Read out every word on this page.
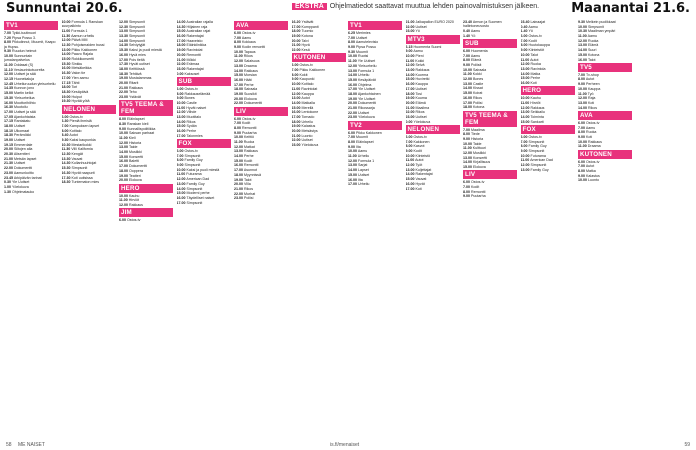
Sunnuntai 20.6.	EKSTRA Ohjelmatiedot saattavat muuttua lehden painovalmistuksen jälkeen. Maanantai 21.6.
TV1
7.00 Tykki-tuutinuori
7.20 Pipsa Possu 3.
8.00 Pikkulinnut, Muumit, Kaapo ja Hupsu.
9.30 Ruudun heimot
10.00 Sunnuntain jumalanpalvelus
11.00 Oddasat (S)
11.10 Vesiaurinkotuoreita
12.00 Uutiset ja sää
12.15 Huonekaluja
12.45 Urheiluruudun yleisurheilu
14.35 Kunnon jono
15.00 Martin kellot
15.30 Yleisurheilua
16.00 Moottorihiihto
16.30 Muotoilu
17.00 Uutiset ja sää
17.05 Ajankohtaista
17.15 Rantakatu
18.00 Uutiset
18.10 Ulkomaat
18.30 Perämökki
19.00 Uutiset
19.15 Emmerdale
20.00 Siltojen alla
20.30 Alisentteri
21.00 Metsän lapset
21.30 Uutiset
22.00 Dokumentti
23.00 Aamunkoitto
23.45 Arkipäivän tarinat
0.30 Yle Uutiset
1.00 Yöelokuva
1.30 Ohjelmatauko
10.00 Formula 1 Ranskan suurpalkinto
11.00 Formula 1
11.30 Aamun urheilu
12.00 Päivä MM
12.30 Pohjoismaiden bussi
13.00 Pikku Kakkonen
14.00 Paavo Rajala
15.00 Rokkikonsertti
15.30 Sinkku
16.00 Metsäkeikka
16.30 Valon tie
17.00 Ylen aamu
17.15 Tähti
18.00 Tori
18.30 Kesäpäivä
19.00 Huiput
19.30 Hyvää yötä
NELONEN
6.00 Ostos-tv
6.30 Pieniä ihmisiä
7.00 Kampuksen lapset
8.00 Kotitalo
8.40 Autot
9.30 Kaksi kaupunkia
10.30 Mestarikokki
11.30 Villi Kalifornia
12.30 Kengät
13.30 Vauvat
14.30 Kullanhuuhtojat
15.30 Simpsonit
16.30 Hyvät naapurit
17.30 Koti uutisissa
18.30 Tuntematon mies
12.00 Simpsonit
12.30 Simpsonit
13.00 Simpsonit
13.30 Simpsonit
14.00 Simpsonit
14.30 Selviytyjät
15.30 Kaksi ja puoli miestä
16.00 Hyvä mies
17.00 Pois tieltä
17.30 Hyvät uutiset
18.00 Keittiössä
18.30 Tehtävä
19.00 Mustalammas
20.00 Ritarit
21.00 Rakkaus
22.00 Teho
23.00 Ystävät
TV5 TEEMA & FEM
8.00 Eläinlapset
8.30 Ranskan kieli
9.00 Kunnallispolitiikka
10.00 Saksan parhaat
11.00 Kieli
12.00 Historia
13.00 Taide
14.00 Musiikki
15.00 Konsertti
16.00 Baletti
17.00 Dokumentti
18.00 Ooppera
19.00 Teatteri
20.00 Elokuva
HERO
10.00 Kauhu
11.00 Hirviöt
12.00 Rakkaus
JIM
6.00 Ostos-tv
14.00 Australian rajalla
14.30 Hiljainen raja
15.00 Australian rajat
16.00 Rakentajat
17.00 Haaveisto
18.00 Eläinklinikka
19.00 Ravintolat
20.00 Remontti
21.00 Mökki
22.00 Erämaa
23.00 Rakentajat
0.00 Kaksoset
SUB
6.00 Ostos-tv
8.00 Rakkauselämää
9.00 Bones
10.00 Castle
11.00 Hyvät naiset
12.00 Viihde
13.00 Muotitalo
14.00 Rikos
15.00 Sydän
16.00 Perhe
17.00 Talonmies
FOX
6.00 Ostos-tv
7.00 Simpsonit
8.00 Family Guy
9.00 Simpsonit
10.00 Kaksi ja puoli miestä
11.00 Futurama
12.00 American Dad
13.00 Family Guy
14.00 Simpsonit
15.00 Moderni perhe
16.00 Täydelliset naiset
17.00 Simpsonit
AVA
6.00 Ostos-tv
7.00 Aamu
8.00 Kokkaus
9.00 Kodin remontti
10.00 Tapaus
11.00 Rikos
12.00 Salaisuus
13.00 Draama
14.00 Rakkaus
15.00 Morsian
16.00 Häät
17.00 Perhe
18.00 Sairaala
19.00 Suosikit
20.00 Elokuva
22.00 Dokumentti
LIV
6.00 Ostos-tv
7.00 Kodit
8.00 Remontti
9.00 Puutarha
10.00 Keittiö
11.00 Ruoka
12.00 Matkat
13.00 Rakkaus
14.00 Perhe
15.00 Kodit
16.00 Remontti
17.00 Asunnot
18.00 Myynnissä
19.00 Talot
20.00 Villa
21.00 Rikos
22.00 Murhat
23.00 Poliisi
16.20 Ystävät
17.00 Kumppanit
18.00 Tuomio
19.00 Kotona
20.00 Talvi
21.00 Hyvä
22.00 Kesä
KUTONEN
6.00 Ostos-tv
7.00 Pikku Kakkonen
8.00 Kokit
9.00 Kaupunki
10.00 Kotitalo
11.00 Ravintolat
12.00 Kauppa
13.00 Autot
14.00 Matkalla
15.00 Merellä
16.00 Lentokone
17.00 Tornado
18.00 Urheilu
19.00 Kalastus
20.00 Metsästys
21.00 Luonto
22.00 Uutiset
23.00 Yöelokuva
TV1
6.25 Merimies
7.00 Uutiset
8.00 Aamutelevisio
9.00 Pipsa Possu
9.30 Muumit
10.00 Ruotsi
11.00 Yle Uutiset
12.00 Yleisurheilu
13.00 Formula 1
14.00 Urheilu
15.00 Kesäpäivät
16.00 Ohjelma
17.00 Yle Uutiset
18.00 Ajankohtainen
19.00 Yle Uutiset
20.00 Dokumentti
21.00 Rikossarja
22.00 Uutiset
23.00 Yöelokuva
TV2
6.00 Pikku Kakkonen
7.00 Muumit
8.00 Eläinlapset
9.00 Ilta
10.00 Aamu
11.00 Urheilu
12.00 Formula 1
13.00 Sarjat
14.00 Lapset
15.00 Uutiset
16.00 Ilta
17.00 Urheilu
21.00 Jalkapallon EURO 2020
22.00 Uutiset
23.00 Yö
MTV3
6.15 Huomenta Suomi
9.00 Aamu
10.00 Pieni
11.00 Kokki
12.00 Selvä
13.00 Rakkaus
14.00 Kuorma
15.00 Huviretki
16.00 Kauppa
17.00 Uutiset
18.00 Tosi
19.00 Kuuma
20.00 Elämä
21.00 Maailma
22.00 Rikos
23.00 Uutiset
0.00 Yöelokuva
NELONEN
6.00 Ostos-tv
7.00 Kakkonen
8.00 Kasvot
9.00 Kodit
10.00 Kiinteistö
11.00 Autot
12.00 Työt
13.00 Kuljettajat
14.00 Rakentajat
15.00 Vauvat
16.00 Hyvät
17.00 Koti
23.40 Armon ja Suomen hallintoneuvosto
0.40 Aamu
1.40 Yö
SUB
6.00 Huomenta
7.00 Aamu
8.00 Elämä
9.00 Poliisit
10.00 Sairaala
11.00 Kokki
12.00 Bones
13.00 Castle
14.00 Kissat
15.00 Koirat
16.00 Rikos
17.00 Poliisi
18.00 Kotona
TV5 TEEMA & FEM
7.00 Maailma
8.00 Tiede
9.00 Historia
10.00 Taide
11.00 Kulttuuri
12.00 Musiikki
13.00 Konsertti
14.00 Kirjallisuus
15.00 Elokuva
LIV
6.00 Ostos-tv
7.00 Kodit
8.00 Remontti
9.00 Puutarha
23.40 Lainaajat
0.40 Aamu
1.40 Yö
6.00 Ostos-tv
7.00 Kodit
8.00 Huutokauppa
9.00 Kiinteistöt
10.00 Talot
11.00 Autot
12.00 Ruoka
13.00 Ravintola
14.00 Matka
15.00 Perhe
16.00 Koti
HERO
10.00 Kauhu
11.00 Hirviöt
12.00 Rakkaus
13.00 Seikkailu
14.00 Toiminta
15.00 Sankarit
FOX
6.00 Ostos-tv
7.00 Simpsonit
8.00 Family Guy
9.00 Simpsonit
10.00 Futurama
11.00 American Dad
12.00 Simpsonit
13.00 Family Guy
9.30 Melkein puolikkaat
10.00 Simpsonit
10.30 Maailman ympäri
11.00 Aamu
12.00 Ruoka
13.00 Elämä
14.00 Suuri
15.00 Kotona
16.00 Talot
TV5
7.00 Tv-shop
8.00 Autot
9.00 Perheen
10.00 Kauppa
11.00 Työ
12.00 Raja
13.00 Koti
14.00 Rikos
AVA
6.00 Ostos-tv
7.00 Aamu
8.00 Ruoka
9.00 Koti
10.00 Rakkaus
11.00 Draama
KUTONEN
6.00 Ostos-tv
7.00 Autot
8.00 Matka
9.00 Kalastus
10.00 Luonto
58 ME NAISET	is.fi/menaiset	59
